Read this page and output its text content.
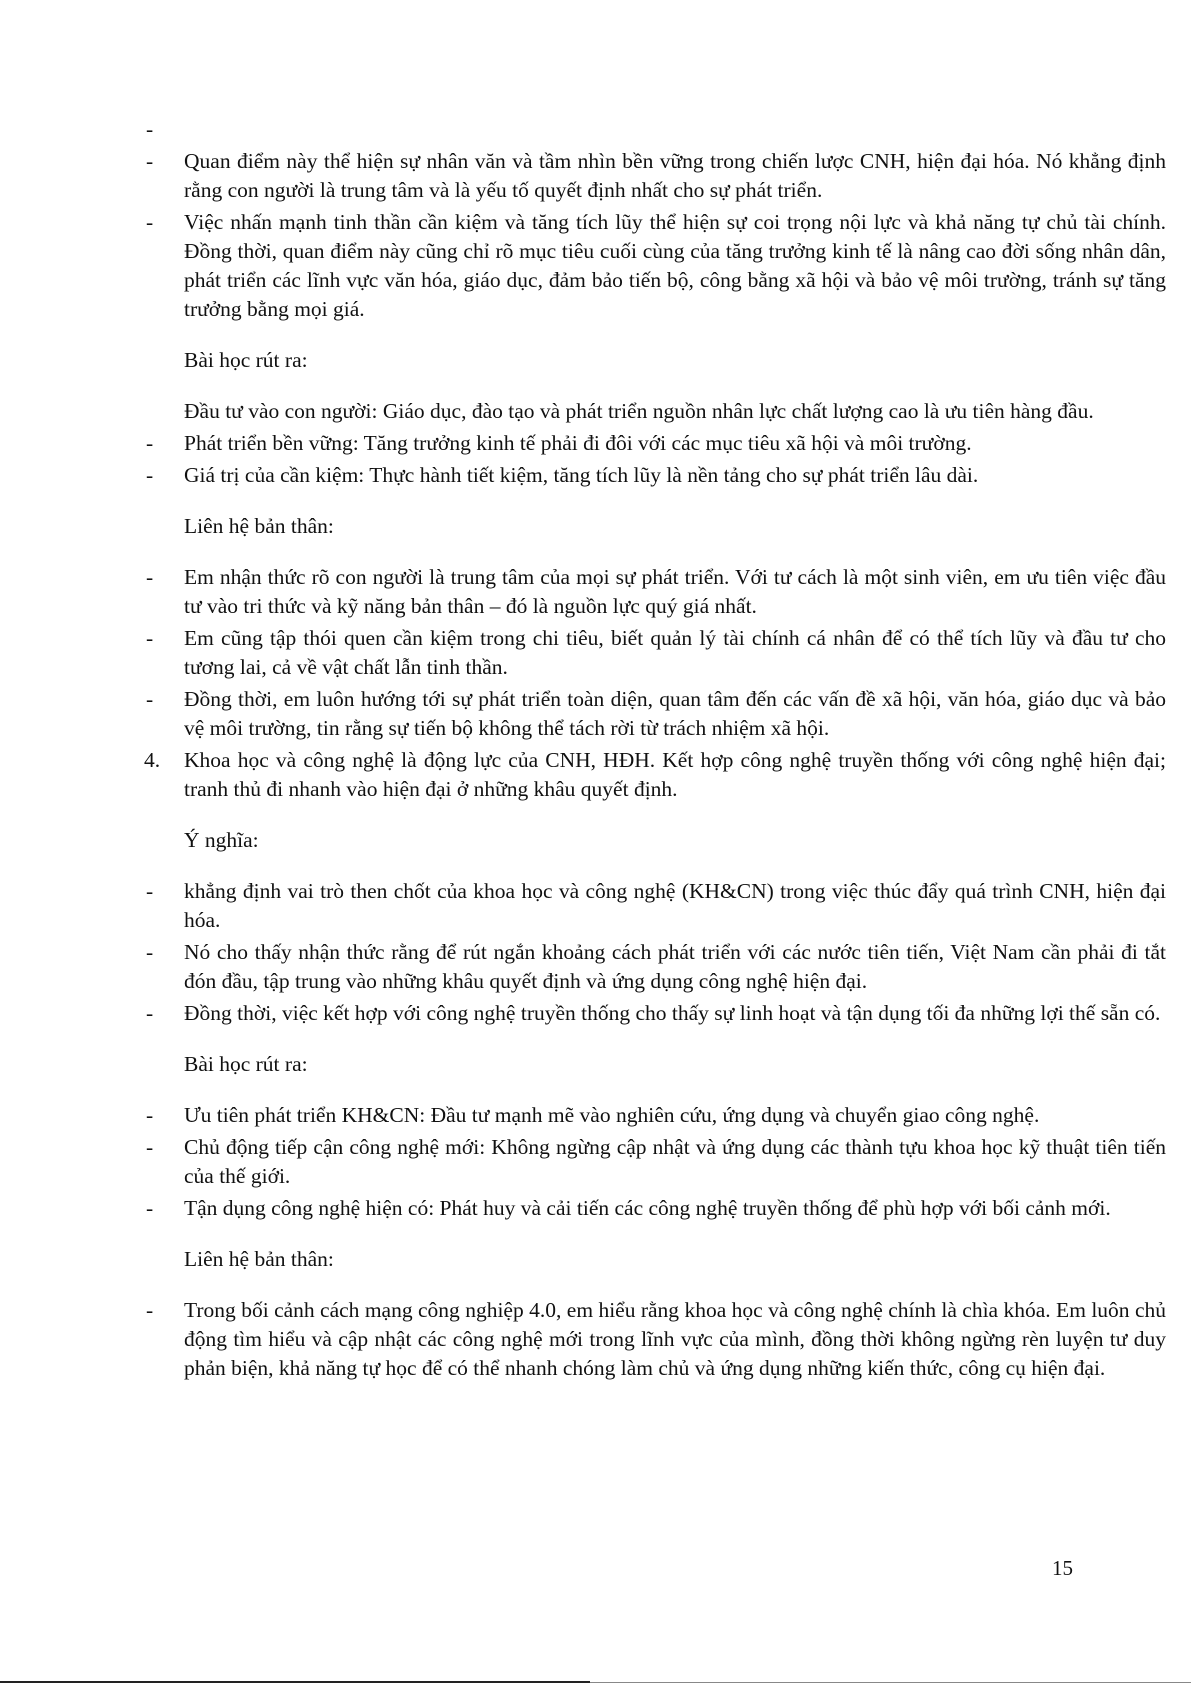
-
- Quan điểm này thể hiện sự nhân văn và tầm nhìn bền vững trong chiến lược CNH, hiện đại hóa. Nó khẳng định rằng con người là trung tâm và là yếu tố quyết định nhất cho sự phát triển.
- Việc nhấn mạnh tinh thần cần kiệm và tăng tích lũy thể hiện sự coi trọng nội lực và khả năng tự chủ tài chính. Đồng thời, quan điểm này cũng chỉ rõ mục tiêu cuối cùng của tăng trưởng kinh tế là nâng cao đời sống nhân dân, phát triển các lĩnh vực văn hóa, giáo dục, đảm bảo tiến bộ, công bằng xã hội và bảo vệ môi trường, tránh sự tăng trưởng bằng mọi giá.
Bài học rút ra:
Đầu tư vào con người: Giáo dục, đào tạo và phát triển nguồn nhân lực chất lượng cao là ưu tiên hàng đầu.
- Phát triển bền vững: Tăng trưởng kinh tế phải đi đôi với các mục tiêu xã hội và môi trường.
- Giá trị của cần kiệm: Thực hành tiết kiệm, tăng tích lũy là nền tảng cho sự phát triển lâu dài.
Liên hệ bản thân:
- Em nhận thức rõ con người là trung tâm của mọi sự phát triển. Với tư cách là một sinh viên, em ưu tiên việc đầu tư vào tri thức và kỹ năng bản thân – đó là nguồn lực quý giá nhất.
- Em cũng tập thói quen cần kiệm trong chi tiêu, biết quản lý tài chính cá nhân để có thể tích lũy và đầu tư cho tương lai, cả về vật chất lẫn tinh thần.
- Đồng thời, em luôn hướng tới sự phát triển toàn diện, quan tâm đến các vấn đề xã hội, văn hóa, giáo dục và bảo vệ môi trường, tin rằng sự tiến bộ không thể tách rời từ trách nhiệm xã hội.
4. Khoa học và công nghệ là động lực của CNH, HĐH. Kết hợp công nghệ truyền thống với công nghệ hiện đại; tranh thủ đi nhanh vào hiện đại ở những khâu quyết định.
Ý nghĩa:
- khẳng định vai trò then chốt của khoa học và công nghệ (KH&CN) trong việc thúc đẩy quá trình CNH, hiện đại hóa.
- Nó cho thấy nhận thức rằng để rút ngắn khoảng cách phát triển với các nước tiên tiến, Việt Nam cần phải đi tắt đón đầu, tập trung vào những khâu quyết định và ứng dụng công nghệ hiện đại.
- Đồng thời, việc kết hợp với công nghệ truyền thống cho thấy sự linh hoạt và tận dụng tối đa những lợi thế sẵn có.
Bài học rút ra:
- Ưu tiên phát triển KH&CN: Đầu tư mạnh mẽ vào nghiên cứu, ứng dụng và chuyển giao công nghệ.
- Chủ động tiếp cận công nghệ mới: Không ngừng cập nhật và ứng dụng các thành tựu khoa học kỹ thuật tiên tiến của thế giới.
- Tận dụng công nghệ hiện có: Phát huy và cải tiến các công nghệ truyền thống để phù hợp với bối cảnh mới.
Liên hệ bản thân:
- Trong bối cảnh cách mạng công nghiệp 4.0, em hiểu rằng khoa học và công nghệ chính là chìa khóa. Em luôn chủ động tìm hiểu và cập nhật các công nghệ mới trong lĩnh vực của mình, đồng thời không ngừng rèn luyện tư duy phản biện, khả năng tự học để có thể nhanh chóng làm chủ và ứng dụng những kiến thức, công cụ hiện đại.
15
